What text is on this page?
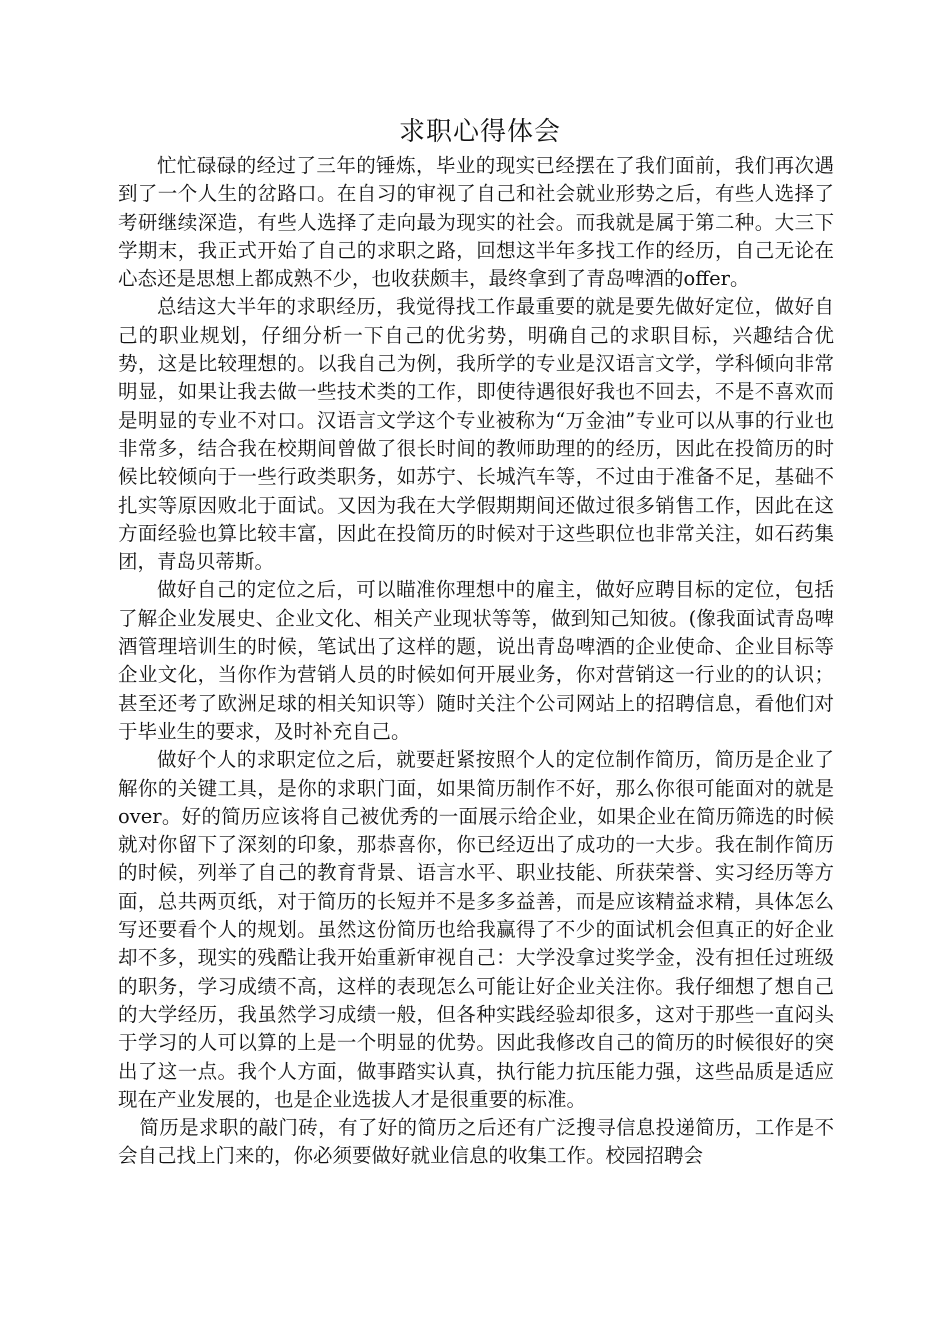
求职心得体会

忙忙碌碌的经过了三年的锤炼，毕业的现实已经摆在了我们面前，我们再次遇到了一个人生的岔路口。在自习的审视了自己和社会就业形势之后，有些人选择了考研继续深造，有些人选择了走向最为现实的社会。而我就是属于第二种。大三下学期末，我正式开始了自己的求职之路，回想这半年多找工作的经历，自己无论在心态还是思想上都成熟不少，也收获颇丰，最终拿到了青岛啤酒的offer。

总结这大半年的求职经历，我觉得找工作最重要的就是要先做好定位，做好自己的职业规划，仔细分析一下自己的优劣势，明确自己的求职目标，兴趣结合优势，这是比较理想的。以我自己为例，我所学的专业是汉语言文学，学科倾向非常明显，如果让我去做一些技术类的工作，即使待遇很好我也不回去，不是不喜欢而是明显的专业不对口。汉语言文学这个专业被称为“万金油”专业可以从事的行业也非常多，结合我在校期间曾做了很长时间的教师助理的的经历，因此在投简历的时候比较倾向于一些行政类职务，如苏宁、长城汽车等，不过由于准备不足，基础不扎实等原因败北于面试。又因为我在大学假期期间还做过很多销售工作，因此在这方面经验也算比较丰富，因此在投简历的时候对于这些职位也非常关注，如石药集团，青岛贝蒂斯。

做好自己的定位之后，可以瞄准你理想中的雇主，做好应聘目标的定位，包括了解企业发展史、企业文化、相关产业现状等等，做到知己知彼。(像我面试青岛啤酒管理培训生的时候，笔试出了这样的题，说出青岛啤酒的企业使命、企业目标等企业文化，当你作为营销人员的时候如何开展业务，你对营销这一行业的的认识；甚至还考了欧洲足球的相关知识等）随时关注个公司网站上的招聘信息，看他们对于毕业生的要求，及时补充自己。

做好个人的求职定位之后，就要赶紧按照个人的定位制作简历，简历是企业了解你的关键工具，是你的求职门面，如果简历制作不好，那么你很可能面对的就是over。好的简历应该将自己被优秀的一面展示给企业，如果企业在简历筛选的时候就对你留下了深刻的印象，那恭喜你，你已经迈出了成功的一大步。我在制作简历的时候，列举了自己的教育背景、语言水平、职业技能、所获荣誉、实习经历等方面，总共两页纸，对于简历的长短并不是多多益善，而是应该精益求精，具体怎么写还要看个人的规划。虽然这份简历也给我赢得了不少的面试机会但真正的好企业却不多，现实的残酷让我开始重新审视自己：大学没拿过奖学金，没有担任过班级的职务，学习成绩不高，这样的表现怎么可能让好企业关注你。我仔细想了想自己的大学经历，我虽然学习成绩一般，但各种实践经验却很多，这对于那些一直闷头于学习的人可以算的上是一个明显的优势。因此我修改自己的简历的时候很好的突出了这一点。我个人方面，做事踏实认真，执行能力抗压能力强，这些品质是适应现在产业发展的，也是企业选拔人才是很重要的标准。

简历是求职的敲门砖，有了好的简历之后还有广泛搜寻信息投递简历，工作是不会自己找上门来的，你必须要做好就业信息的收集工作。校园招聘会
